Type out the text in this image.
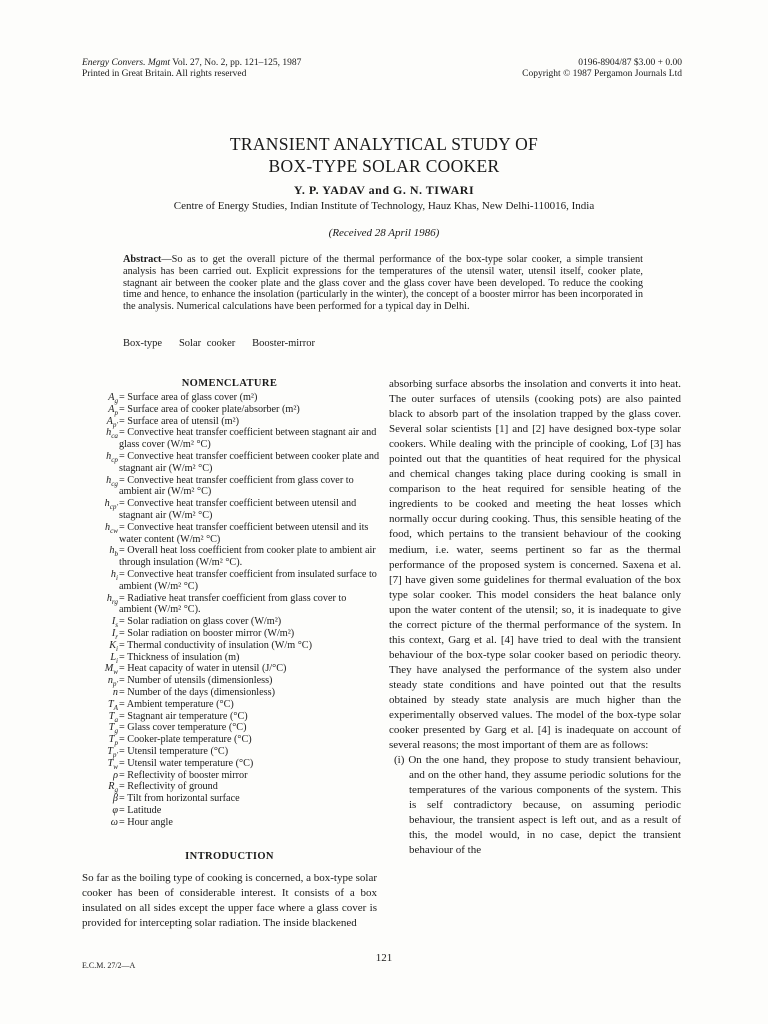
Energy Convers. Mgmt Vol. 27, No. 2, pp. 121–125, 1987
Printed in Great Britain. All rights reserved
0196-8904/87 $3.00 + 0.00
Copyright © 1987 Pergamon Journals Ltd
TRANSIENT ANALYTICAL STUDY OF
BOX-TYPE SOLAR COOKER
Y. P. YADAV and G. N. TIWARI
Centre of Energy Studies, Indian Institute of Technology, Hauz Khas, New Delhi-110016, India
(Received 28 April 1986)
Abstract—So as to get the overall picture of the thermal performance of the box-type solar cooker, a simple transient analysis has been carried out. Explicit expressions for the temperatures of the utensil water, utensil itself, cooker plate, stagnant air between the cooker plate and the glass cover and the glass cover have been developed. To reduce the cooking time and hence, to enhance the insolation (particularly in the winter), the concept of a booster mirror has been incorporated in the analysis. Numerical calculations have been performed for a typical day in Delhi.
Box-type   Solar cooker   Booster-mirror
NOMENCLATURE
$A_g$ = Surface area of glass cover (m²)
$A_p$ = Surface area of cooker plate/absorber (m²)
$A_{p'}$ = Surface area of utensil (m²)
$h_{ca}$ = Convective heat transfer coefficient between stagnant air and glass cover (W/m² °C)
$h_{cp}$ = Convective heat transfer coefficient between cooker plate and stagnant air (W/m² °C)
$h_{cg}$ = Convective heat transfer coefficient from glass cover to ambient air (W/m² °C)
$h_{cp'}$ = Convective heat transfer coefficient between utensil and stagnant air (W/m² °C)
$h_{cw}$ = Convective heat transfer coefficient between utensil and its water content (W/m² °C)
$h_b$ = Overall heat loss coefficient from cooker plate to ambient air through insulation (W/m² °C).
$h_i$ = Convective heat transfer coefficient from insulated surface to ambient (W/m² °C)
$h_{rg}$ = Radiative heat transfer coefficient from glass cover to ambient (W/m² °C).
$I_s$ = Solar radiation on glass cover (W/m²)
$I_r$ = Solar radiation on booster mirror (W/m²)
$K_i$ = Thermal conductivity of insulation (W/m °C)
$L_i$ = Thickness of insulation (m)
$M_w$ = Heat capacity of water in utensil (J/°C)
$n_{p'}$ = Number of utensils (dimensionless)
n = Number of the days (dimensionless)
$T_A$ = Ambient temperature (°C)
$T_a$ = Stagnant air temperature (°C)
$T_g$ = Glass cover temperature (°C)
$T_p$ = Cooker-plate temperature (°C)
$T_{p'}$ = Utensil temperature (°C)
$T_w$ = Utensil water temperature (°C)
ρ = Reflectivity of booster mirror
$R_g$ = Reflectivity of ground
β = Tilt from horizontal surface
φ = Latitude
ω = Hour angle
INTRODUCTION
So far as the boiling type of cooking is concerned, a box-type solar cooker has been of considerable interest. It consists of a box insulated on all sides except the upper face where a glass cover is provided for intercepting solar radiation. The inside blackened

absorbing surface absorbs the insolation and converts it into heat. The outer surfaces of utensils (cooking pots) are also painted black to absorb part of the insolation trapped by the glass cover. Several solar scientists [1] and [2] have designed box-type solar cookers. While dealing with the principle of cooking, Lof [3] has pointed out that the quantities of heat required for the physical and chemical changes taking place during cooking is small in comparison to the heat required for sensible heating of the ingredients to be cooked and meeting the heat losses which normally occur during cooking. Thus, this sensible heating of the food, which pertains to the transient behaviour of the cooking medium, i.e. water, seems pertinent so far as the thermal performance of the proposed system is concerned. Saxena et al. [7] have given some guidelines for thermal evaluation of the box type solar cooker. This model considers the heat balance only upon the water content of the utensil; so, it is inadequate to give the correct picture of the thermal performance of the system. In this context, Garg et al. [4] have tried to deal with the transient behaviour of the box-type solar cooker based on periodic theory. They have analysed the performance of the system also under steady state conditions and have pointed out that the results obtained by steady state analysis are much higher than the experimentally observed values. The model of the box-type solar cooker presented by Garg et al. [4] is inadequate on account of several reasons; the most important of them are as follows:

(i) On the one hand, they propose to study transient behaviour, and on the other hand, they assume periodic solutions for the temperatures of the various components of the system. This is self contradictory because, on assuming periodic behaviour, the transient aspect is left out, and as a result of this, the model would, in no case, depict the transient behaviour of the

121
E.C.M. 27/2—A
